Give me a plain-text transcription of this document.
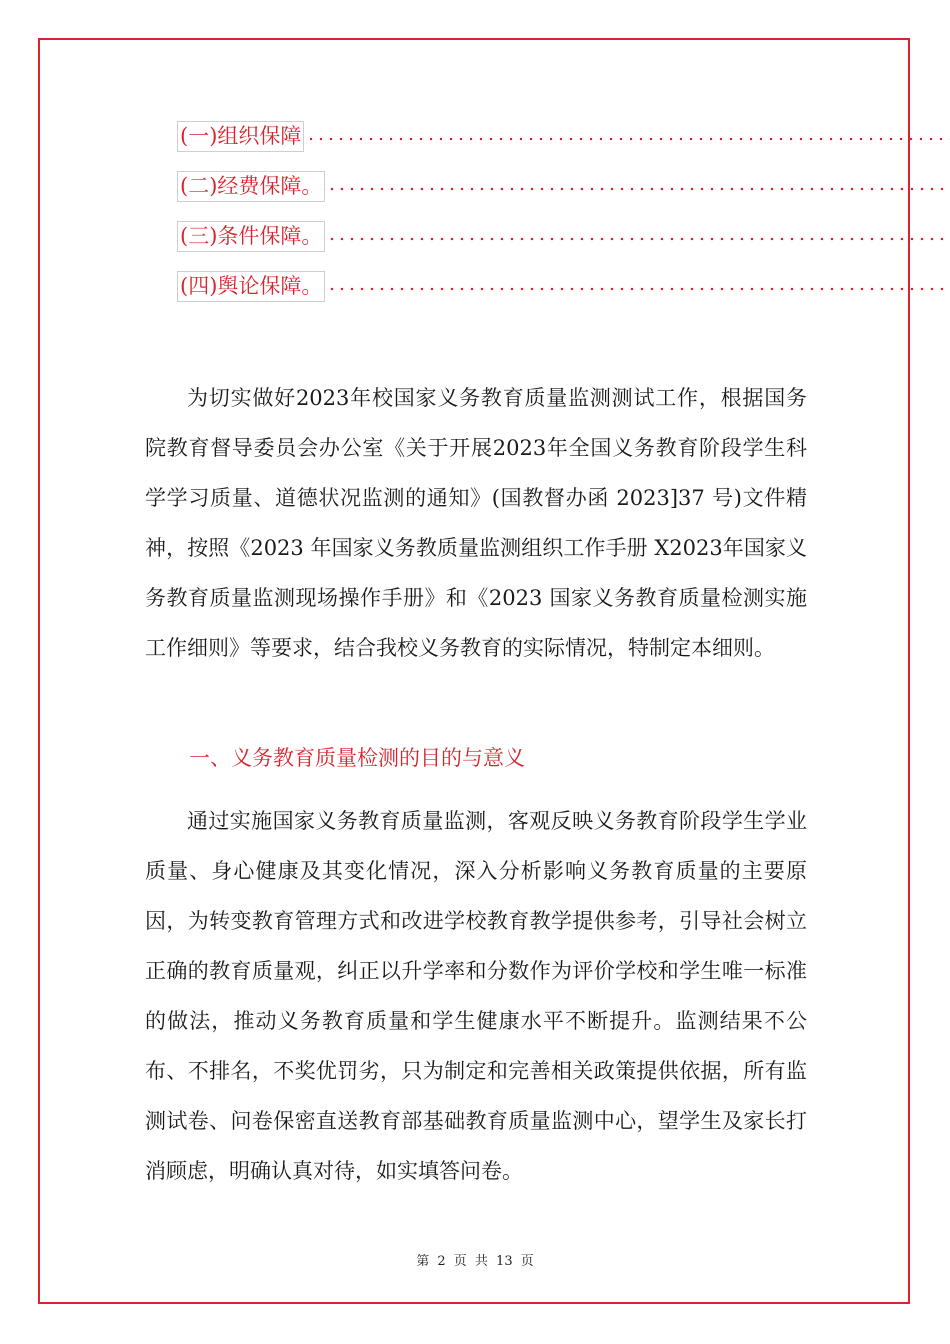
(一)组织保障
(二)经费保障。
(三)条件保障。
(四)舆论保障。

为切实做好2023年校国家义务教育质量监测测试工作，根据国务院教育督导委员会办公室《关于开展2023年全国义务教育阶段学生科学学习质量、道德状况监测的通知》(国教督办函 2023]37 号)文件精神，按照《2023 年国家义务教质量监测组织工作手册 X2023年国家义务教育质量监测现场操作手册》和《2023 国家义务教育质量检测实施工作细则》等要求，结合我校义务教育的实际情况，特制定本细则。

一、义务教育质量检测的目的与意义

通过实施国家义务教育质量监测，客观反映义务教育阶段学生学业质量、身心健康及其变化情况，深入分析影响义务教育质量的主要原因，为转变教育管理方式和改进学校教育教学提供参考，引导社会树立正确的教育质量观，纠正以升学率和分数作为评价学校和学生唯一标准的做法，推动义务教育质量和学生健康水平不断提升。监测结果不公布、不排名，不奖优罚劣，只为制定和完善相关政策提供依据，所有监测试卷、问卷保密直送教育部基础教育质量监测中心，望学生及家长打消顾虑，明确认真对待，如实填答问卷。

第 2 页 共 13 页
